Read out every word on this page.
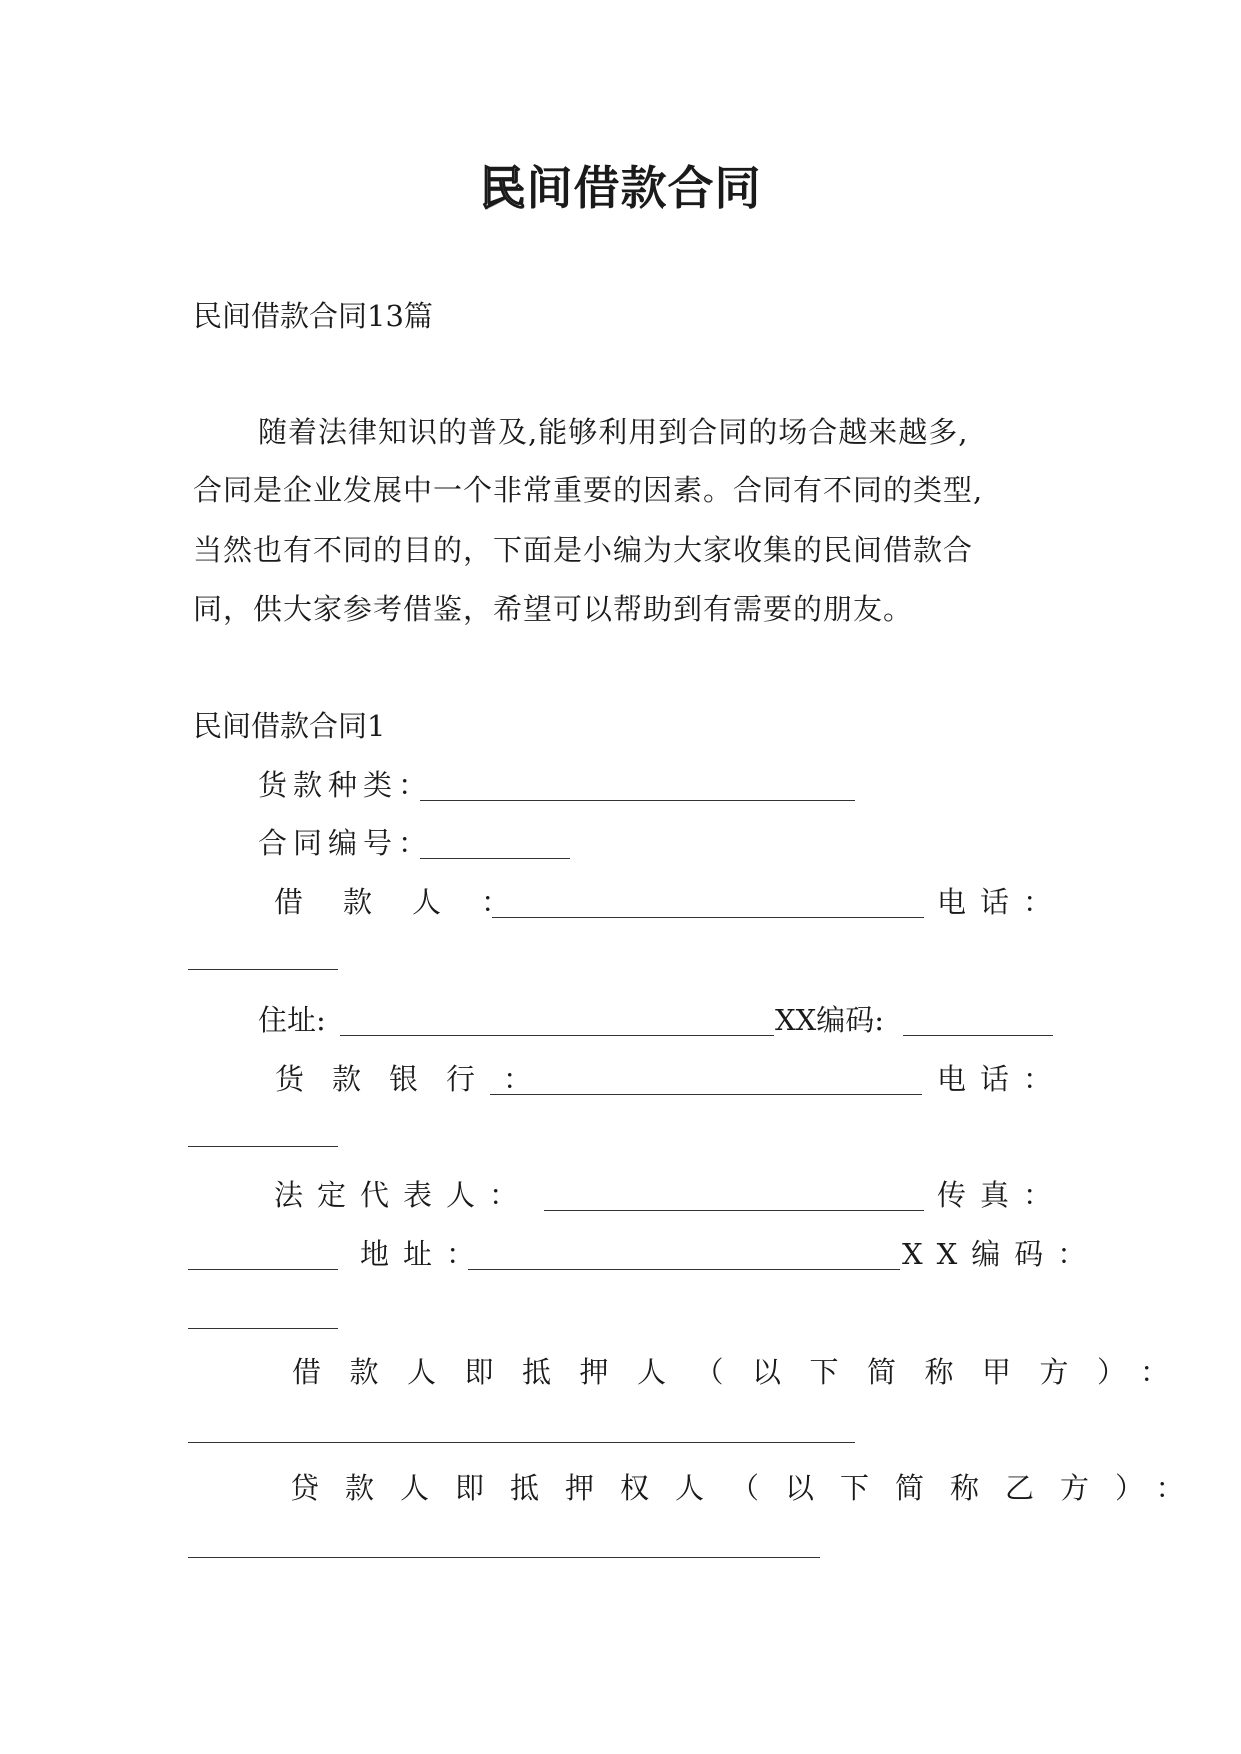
民间借款合同

民间借款合同13篇

随着法律知识的普及,能够利用到合同的场合越来越多,

合同是企业发展中一个非常重要的因素。合同有不同的类型,

当然也有不同的目的，下面是小编为大家收集的民间借款合

同，供大家参考借鉴，希望可以帮助到有需要的朋友。

民间借款合同1

货款种类：

合同编号：

借款人：	电话：

住址:	XX编码:

货款银行：	电话：

法定代表人：	传真：

地址：	XX编码：

借款人即抵押人（以下简称甲方）：

贷款人即抵押权人（以下简称乙方）：
